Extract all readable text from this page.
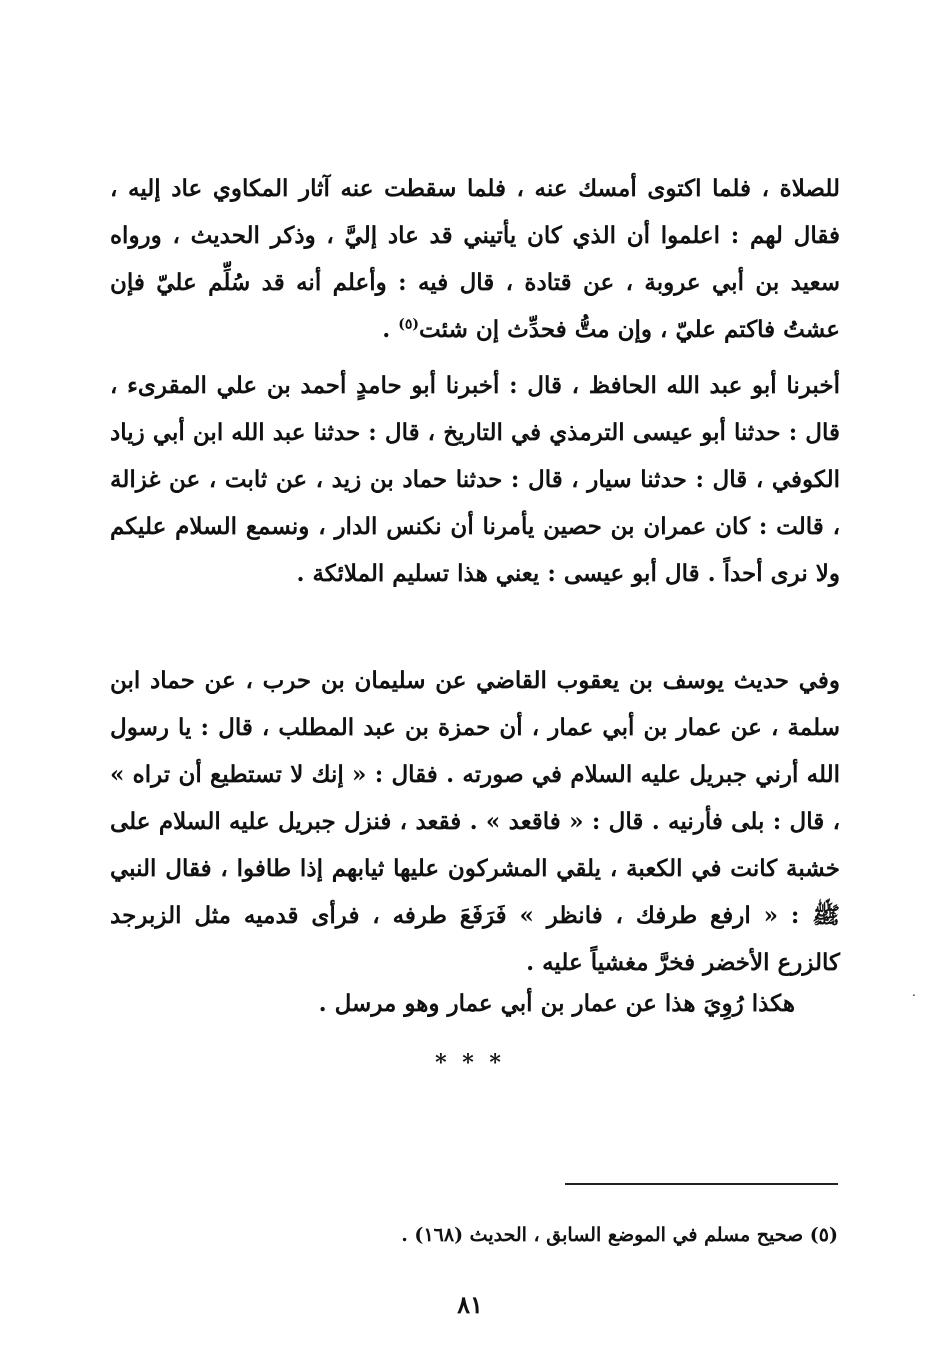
للصلاة ، فلما اكتوى أمسك عنه ، فلما سقطت عنه آثار المكاوي عاد إليه ، فقال لهم : اعلموا أن الذي كان يأتيني قد عاد إليَّ ، وذكر الحديث ، ورواه سعيد بن أبي عروبة ، عن قتادة ، قال فيه : وأعلم أنه قد سُلِّم عليّ فإن عشتُ فاكتم عليّ ، وإن متُّ فحدِّث إن شئت$^{(٥)}$ .

أخبرنا أبو عبد الله الحافظ ، قال : أخبرنا أبو حامدٍ أحمد بن علي المقرىء ، قال : حدثنا أبو عيسى الترمذي في التاريخ ، قال : حدثنا عبد الله ابن أبي زياد الكوفي ، قال : حدثنا سيار ، قال : حدثنا حماد بن زيد ، عن ثابت ، عن غزالة ، قالت : كان عمران بن حصين يأمرنا أن نكنس الدار ، ونسمع السلام عليكم ولا نرى أحداً . قال أبو عيسى : يعني هذا تسليم الملائكة .

وفي حديث يوسف بن يعقوب القاضي عن سليمان بن حرب ، عن حماد ابن سلمة ، عن عمار بن أبي عمار ، أن حمزة بن عبد المطلب ، قال : يا رسول الله أرني جبريل عليه السلام في صورته . فقال : « إنك لا تستطيع أن تراه » ، قال : بلى فأرنيه . قال : « فاقعد » . فقعد ، فنزل جبريل عليه السلام على خشبة كانت في الكعبة ، يلقي المشركون عليها ثيابهم إذا طافوا ، فقال النبي ﷺ : « ارفع طرفك ، فانظر » فَرَفَعَ طرفه ، فرأى قدميه مثل الزبرجد كالزرع الأخضر فخرَّ مغشياً عليه .

هكذا رُوِيَ هذا عن عمار بن أبي عمار وهو مرسل .	.
* * *
(٥) صحيح مسلم في الموضع السابق ، الحديث (١٦٨) .
٨١
